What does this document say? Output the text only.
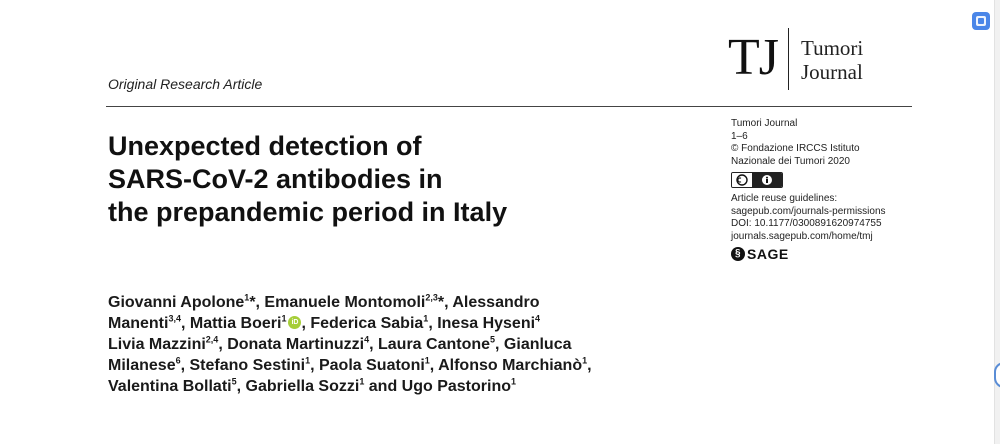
Original Research Article	TJ Tumori
Journal
Unexpected detection of
SARS-CoV-2 antibodies in
the prepandemic period in Italy
Tumori Journal
1–6
© Fondazione IRCCS Istituto
Nazionale dei Tumori 2020
Article reuse guidelines:
sagepub.com/journals-permissions
DOI: 10.1177/0300891620974755
journals.sagepub.com/home/tmj
§ SAGE
Giovanni Apolone$^1$*, Emanuele Montomoli$^{2,3}$*, Alessandro
Manenti$^{3,4}$, Mattia Boeri$^1$ iD , Federica Sabia$^1$, Inesa Hyseni$^4$
Livia Mazzini$^{2,4}$, Donata Martinuzzi$^4$, Laura Cantone$^5$, Gianluca
Milanese$^6$, Stefano Sestini$^1$, Paola Suatoni$^1$, Alfonso Marchianò$^1$,
Valentina Bollati$^5$, Gabriella Sozzi$^1$ and Ugo Pastorino$^1$
